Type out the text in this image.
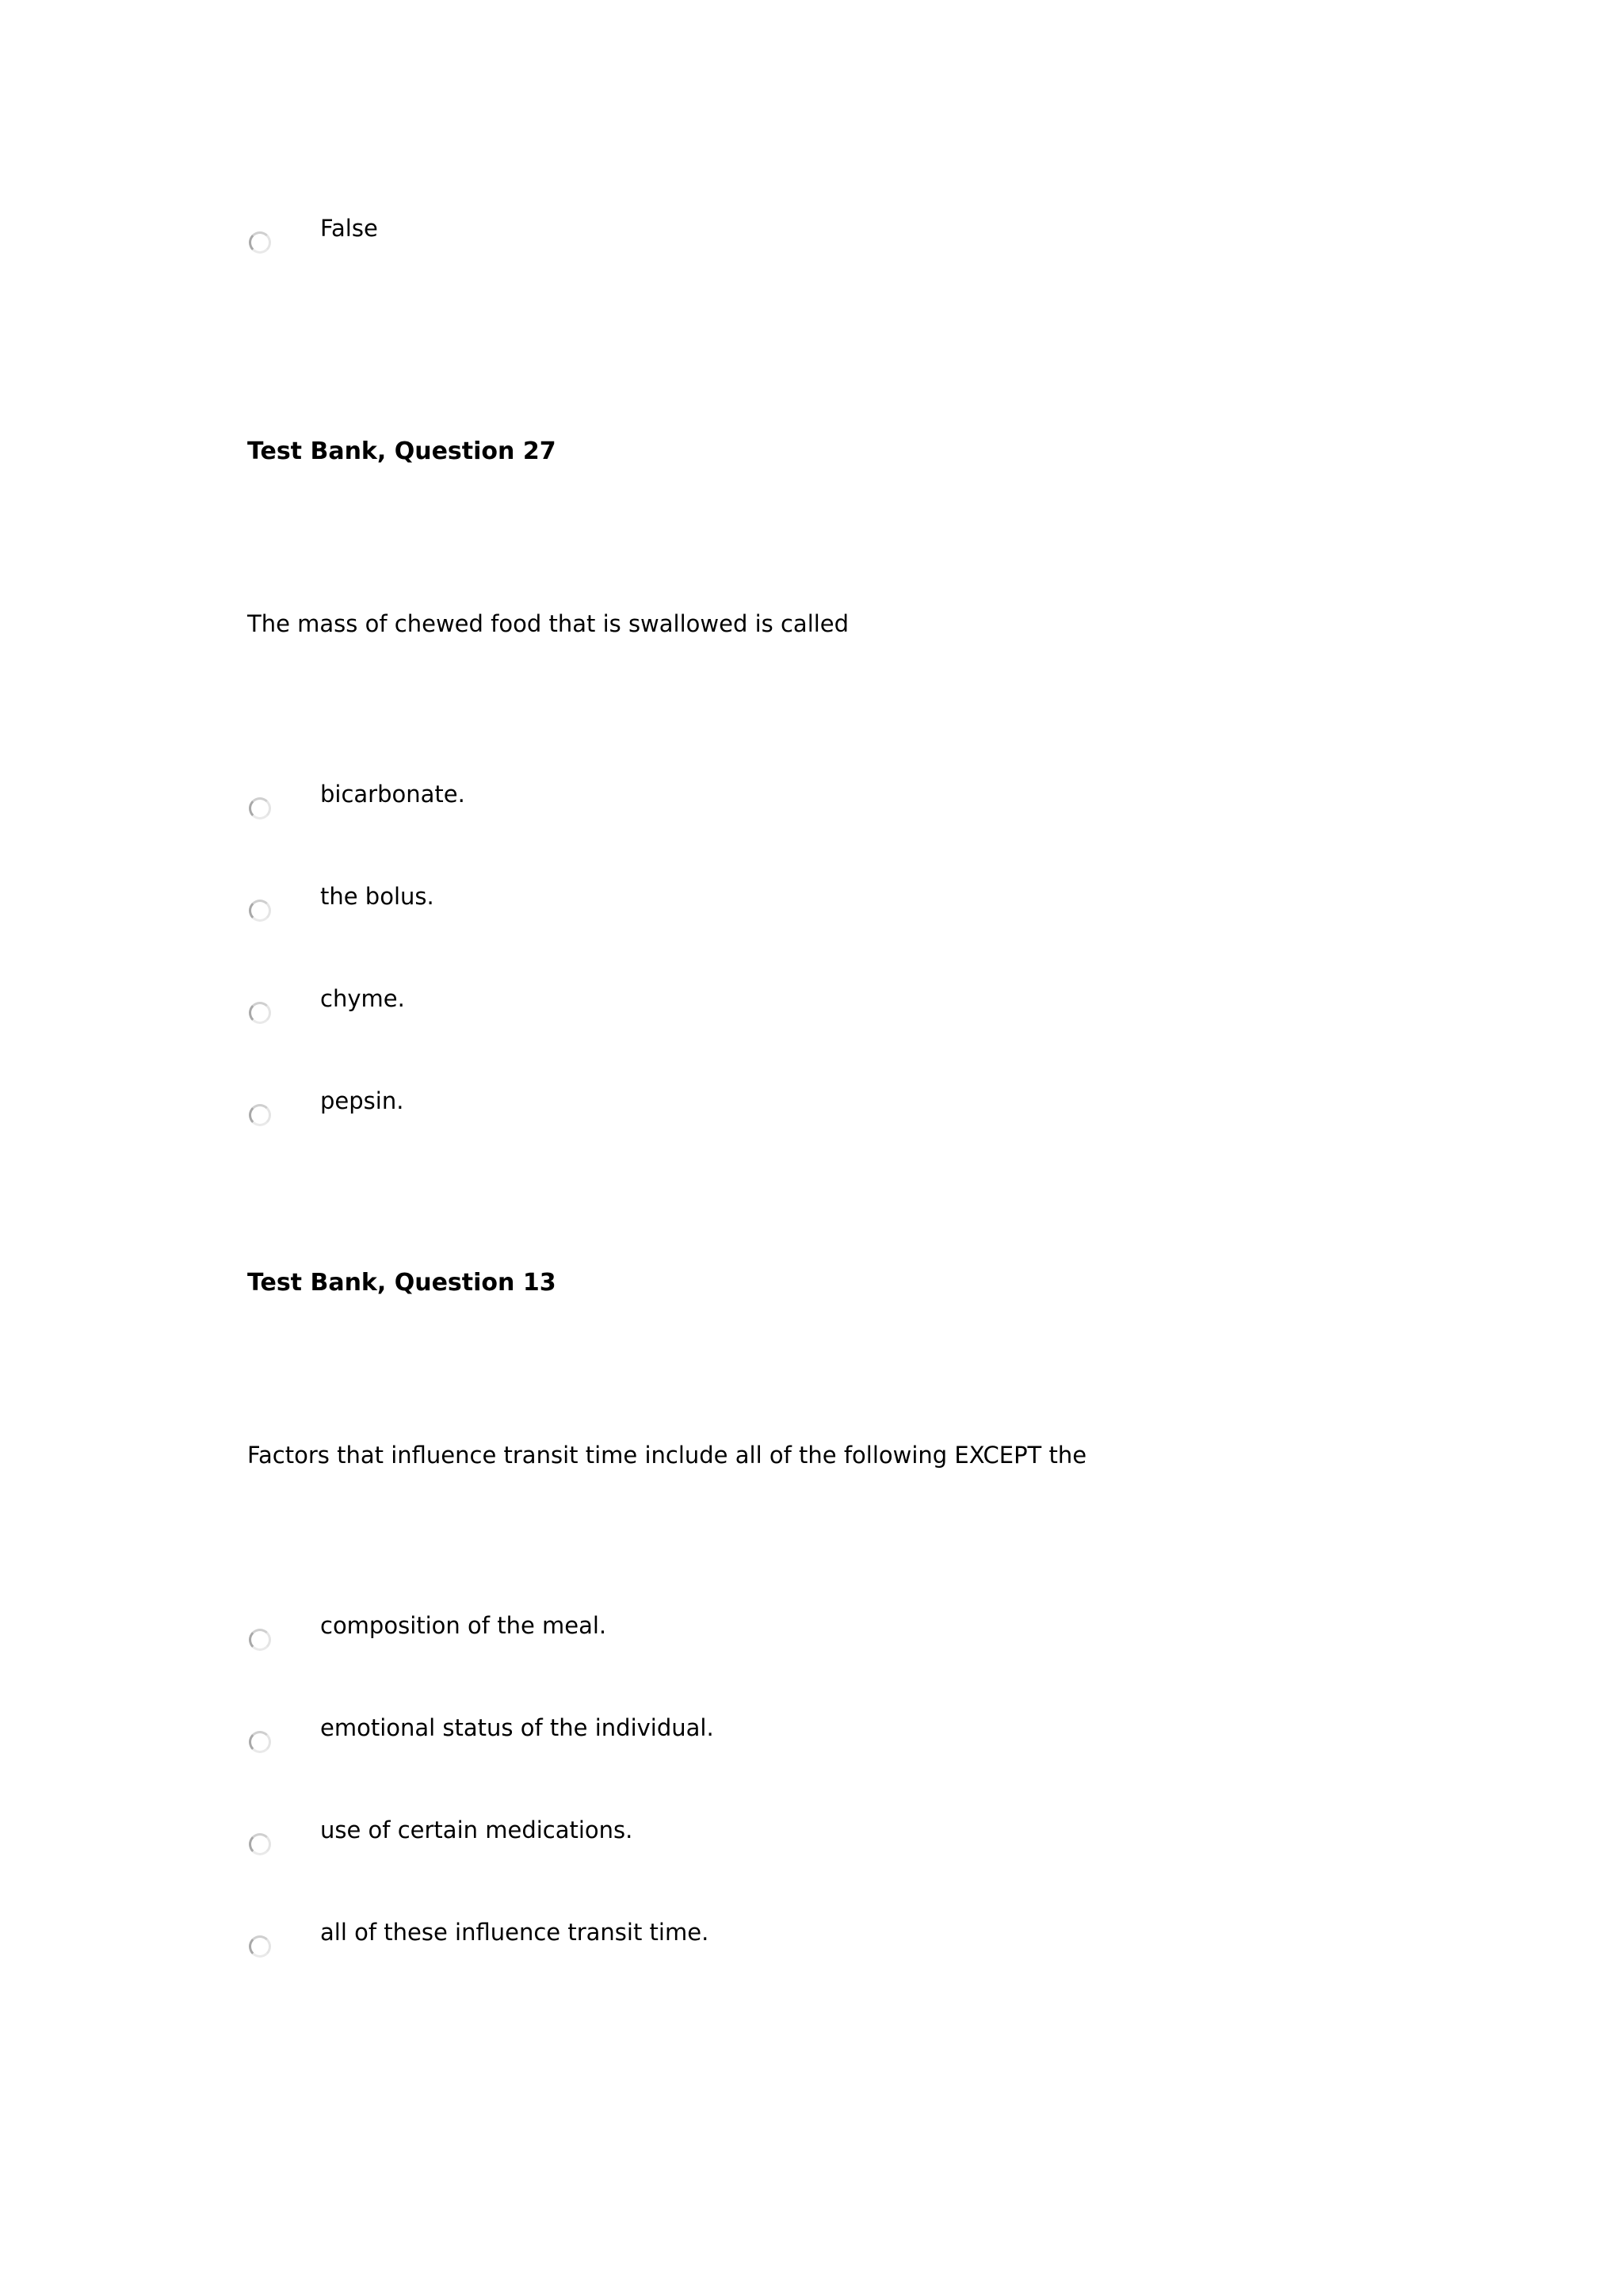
False
Test Bank, Question 27
The mass of chewed food that is swallowed is called
bicarbonate.
the bolus.
chyme.
pepsin.
Test Bank, Question 13
Factors that influence transit time include all of the following EXCEPT the
composition of the meal.
emotional status of the individual.
use of certain medications.
all of these influence transit time.
